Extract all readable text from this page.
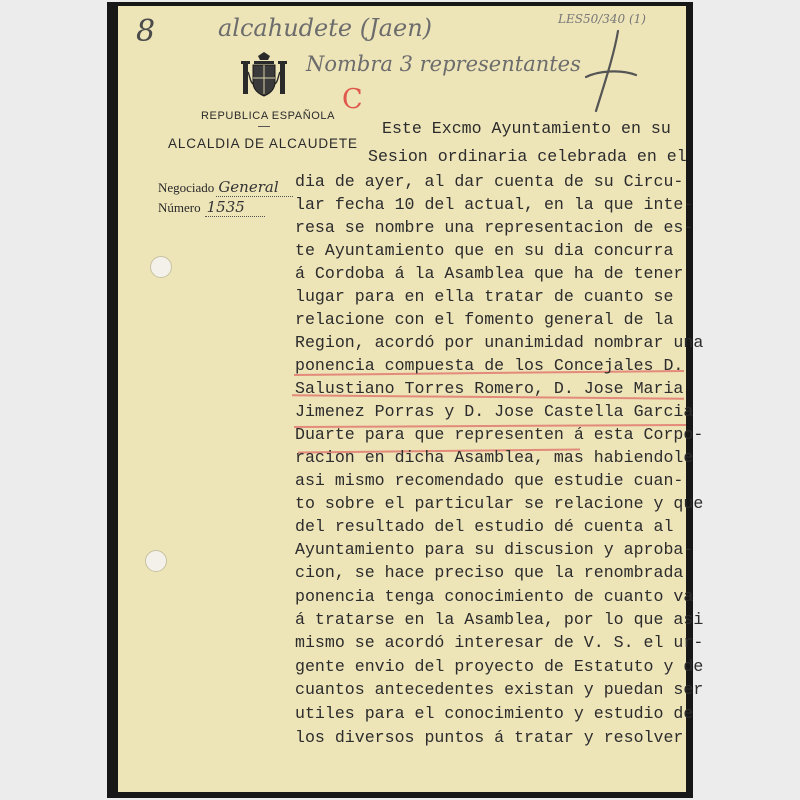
8	alcahudete (Jaen)
Nombra 3 representantes
LES50/340 (1)
C
REPUBLICA ESPAÑOLA
ALCALDIA DE ALCAUDETE
Negociado General
Número 1535

Este Excmo Ayuntamiento en su

Sesion ordinaria celebrada en el

dia de ayer, al dar cuenta de su Circu-

lar fecha 10 del actual, en la que inte-

resa se nombre una representacion de es-

te Ayuntamiento que en su dia concurra

á Cordoba á la Asamblea que ha de tener

lugar para en ella tratar de cuanto se

relacione con el fomento general de la

Region, acordó por unanimidad nombrar una

ponencia compuesta de los Concejales D.

Salustiano Torres Romero, D. Jose Maria

Jimenez Porras y D. Jose Castella Garcia

Duarte para que representen á esta Corpo-

racion en dicha Asamblea, mas habiendole

asi mismo recomendado que estudie cuan-

to sobre el particular se relacione y que

del resultado del estudio dé cuenta al

Ayuntamiento para su discusion y aproba-

cion, se hace preciso que la renombrada

ponencia tenga conocimiento de cuanto va

á tratarse en la Asamblea, por lo que asi

mismo se acordó interesar de V. S. el ur-

gente envio del proyecto de Estatuto y de

cuantos antecedentes existan y puedan ser

utiles para el conocimiento y estudio de

los diversos puntos á tratar y resolver
